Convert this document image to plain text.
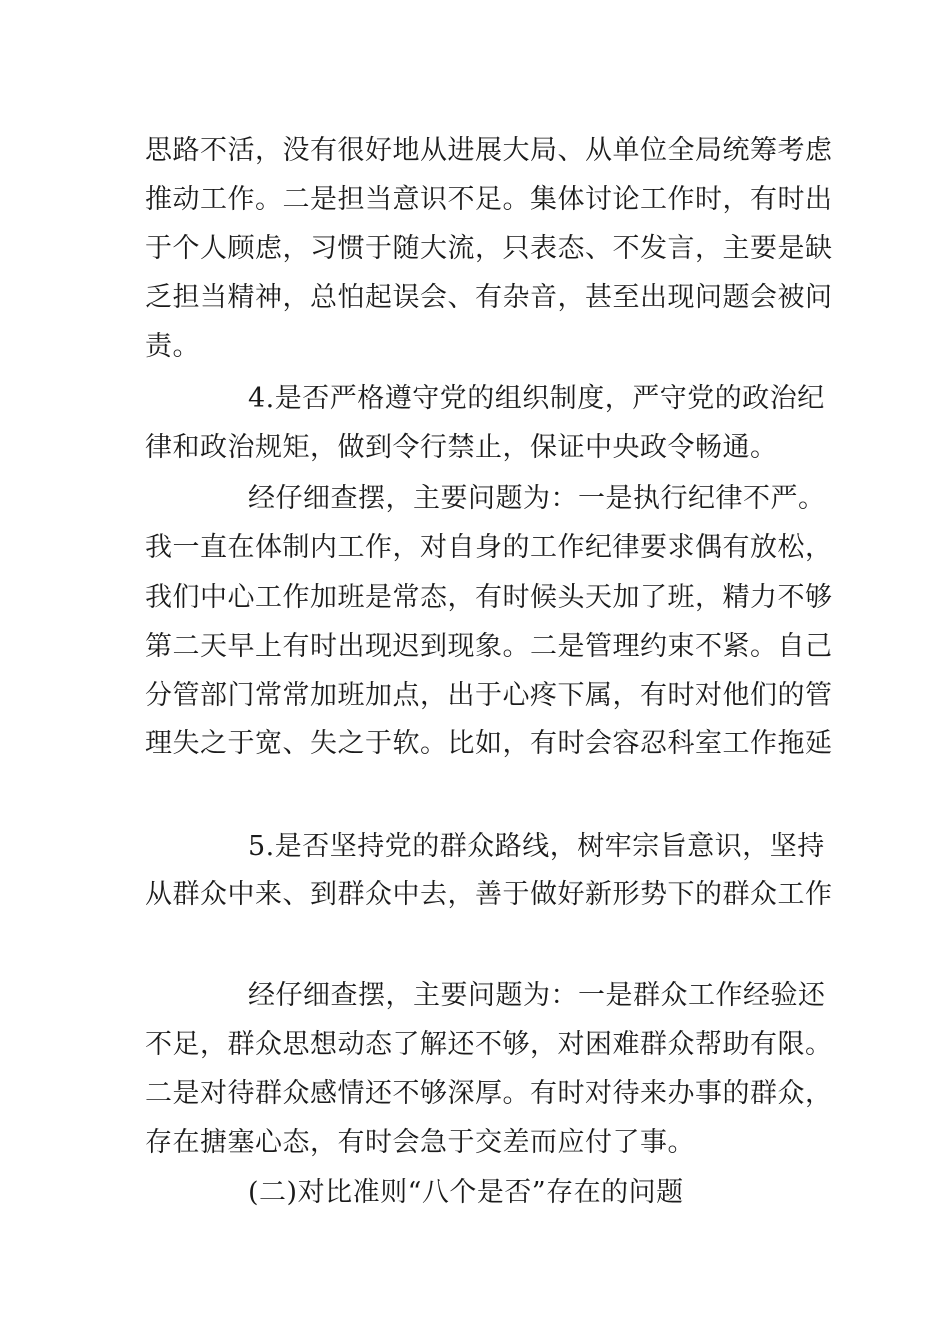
思路不活，没有很好地从进展大局、从单位全局统筹考虑
推动工作。二是担当意识不足。集体讨论工作时，有时出
于个人顾虑，习惯于随大流，只表态、不发言，主要是缺
乏担当精神，总怕起误会、有杂音，甚至出现问题会被问
责。
4.是否严格遵守党的组织制度，严守党的政治纪
律和政治规矩，做到令行禁止，保证中央政令畅通。
经仔细查摆，主要问题为：一是执行纪律不严。
我一直在体制内工作，对自身的工作纪律要求偶有放松，
我们中心工作加班是常态，有时候头天加了班，精力不够
第二天早上有时出现迟到现象。二是管理约束不紧。自己
分管部门常常加班加点，出于心疼下属，有时对他们的管
理失之于宽、失之于软。比如，有时会容忍科室工作拖延
5.是否坚持党的群众路线，树牢宗旨意识，坚持
从群众中来、到群众中去，善于做好新形势下的群众工作
经仔细查摆，主要问题为：一是群众工作经验还
不足，群众思想动态了解还不够，对困难群众帮助有限。
二是对待群众感情还不够深厚。有时对待来办事的群众，
存在搪塞心态，有时会急于交差而应付了事。
(二)对比准则“八个是否”存在的问题
